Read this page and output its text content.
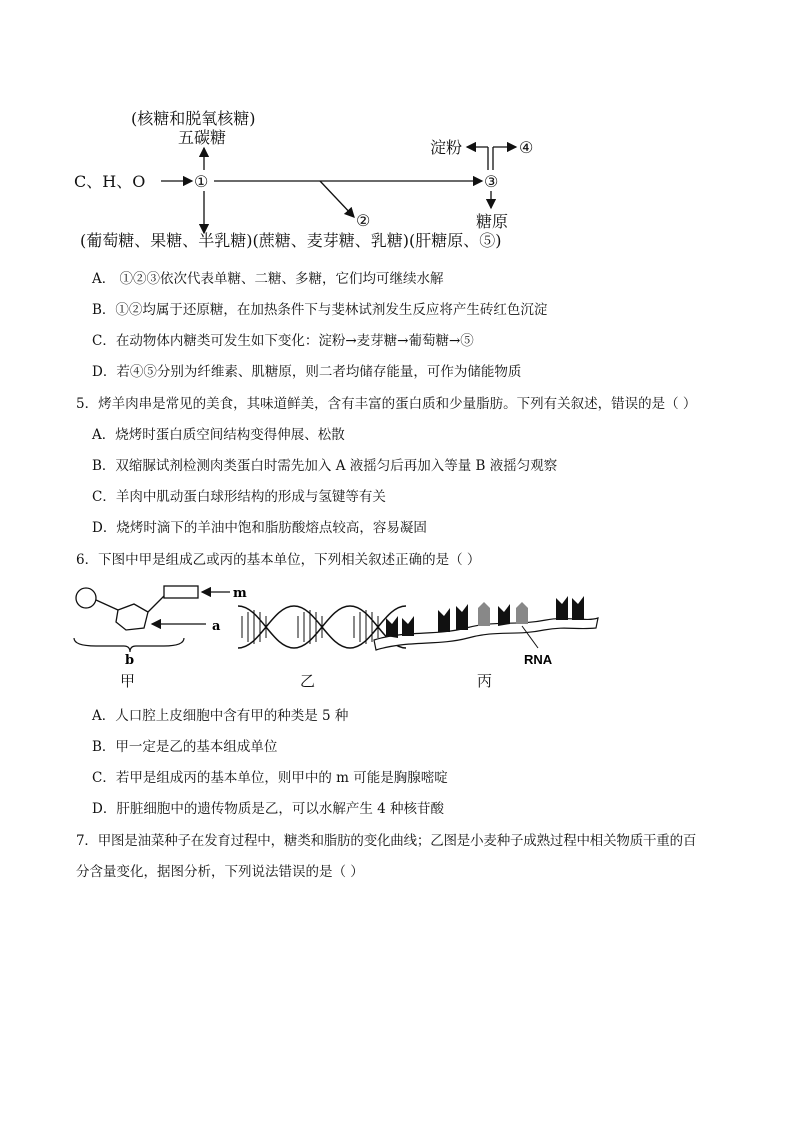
(核糖和脱氧核糖)
五碳糖
C、H、O	①
②
③
淀粉	④
糖原
(葡萄糖、果糖、半乳糖)(蔗糖、麦芽糖、乳糖)(肝糖原、⑤)
A． ①②③依次代表单糖、二糖、多糖，它们均可继续水解
B．①②均属于还原糖，在加热条件下与斐林试剂发生反应将产生砖红色沉淀
C．在动物体内糖类可发生如下变化：淀粉→麦芽糖→葡萄糖→⑤
D．若④⑤分别为纤维素、肌糖原，则二者均储存能量，可作为储能物质
5．烤羊肉串是常见的美食，其味道鲜美，含有丰富的蛋白质和少量脂肪。下列有关叙述，错误的是（ ）
A．烧烤时蛋白质空间结构变得伸展、松散
B．双缩脲试剂检测肉类蛋白时需先加入 A 液摇匀后再加入等量 B 液摇匀观察
C．羊肉中肌动蛋白球形结构的形成与氢键等有关
D．烧烤时滴下的羊油中饱和脂肪酸熔点较高，容易凝固
6．下图中甲是组成乙或丙的基本单位，下列相关叙述正确的是（ ）
m
a
b	RNA
甲	乙	丙
A．人口腔上皮细胞中含有甲的种类是 5 种
B．甲一定是乙的基本组成单位
C．若甲是组成丙的基本单位，则甲中的 m 可能是胸腺嘧啶
D．肝脏细胞中的遗传物质是乙，可以水解产生 4 种核苷酸
7．甲图是油菜种子在发育过程中，糖类和脂肪的变化曲线；乙图是小麦种子成熟过程中相关物质干重的百
分含量变化，据图分析，下列说法错误的是（ ）
